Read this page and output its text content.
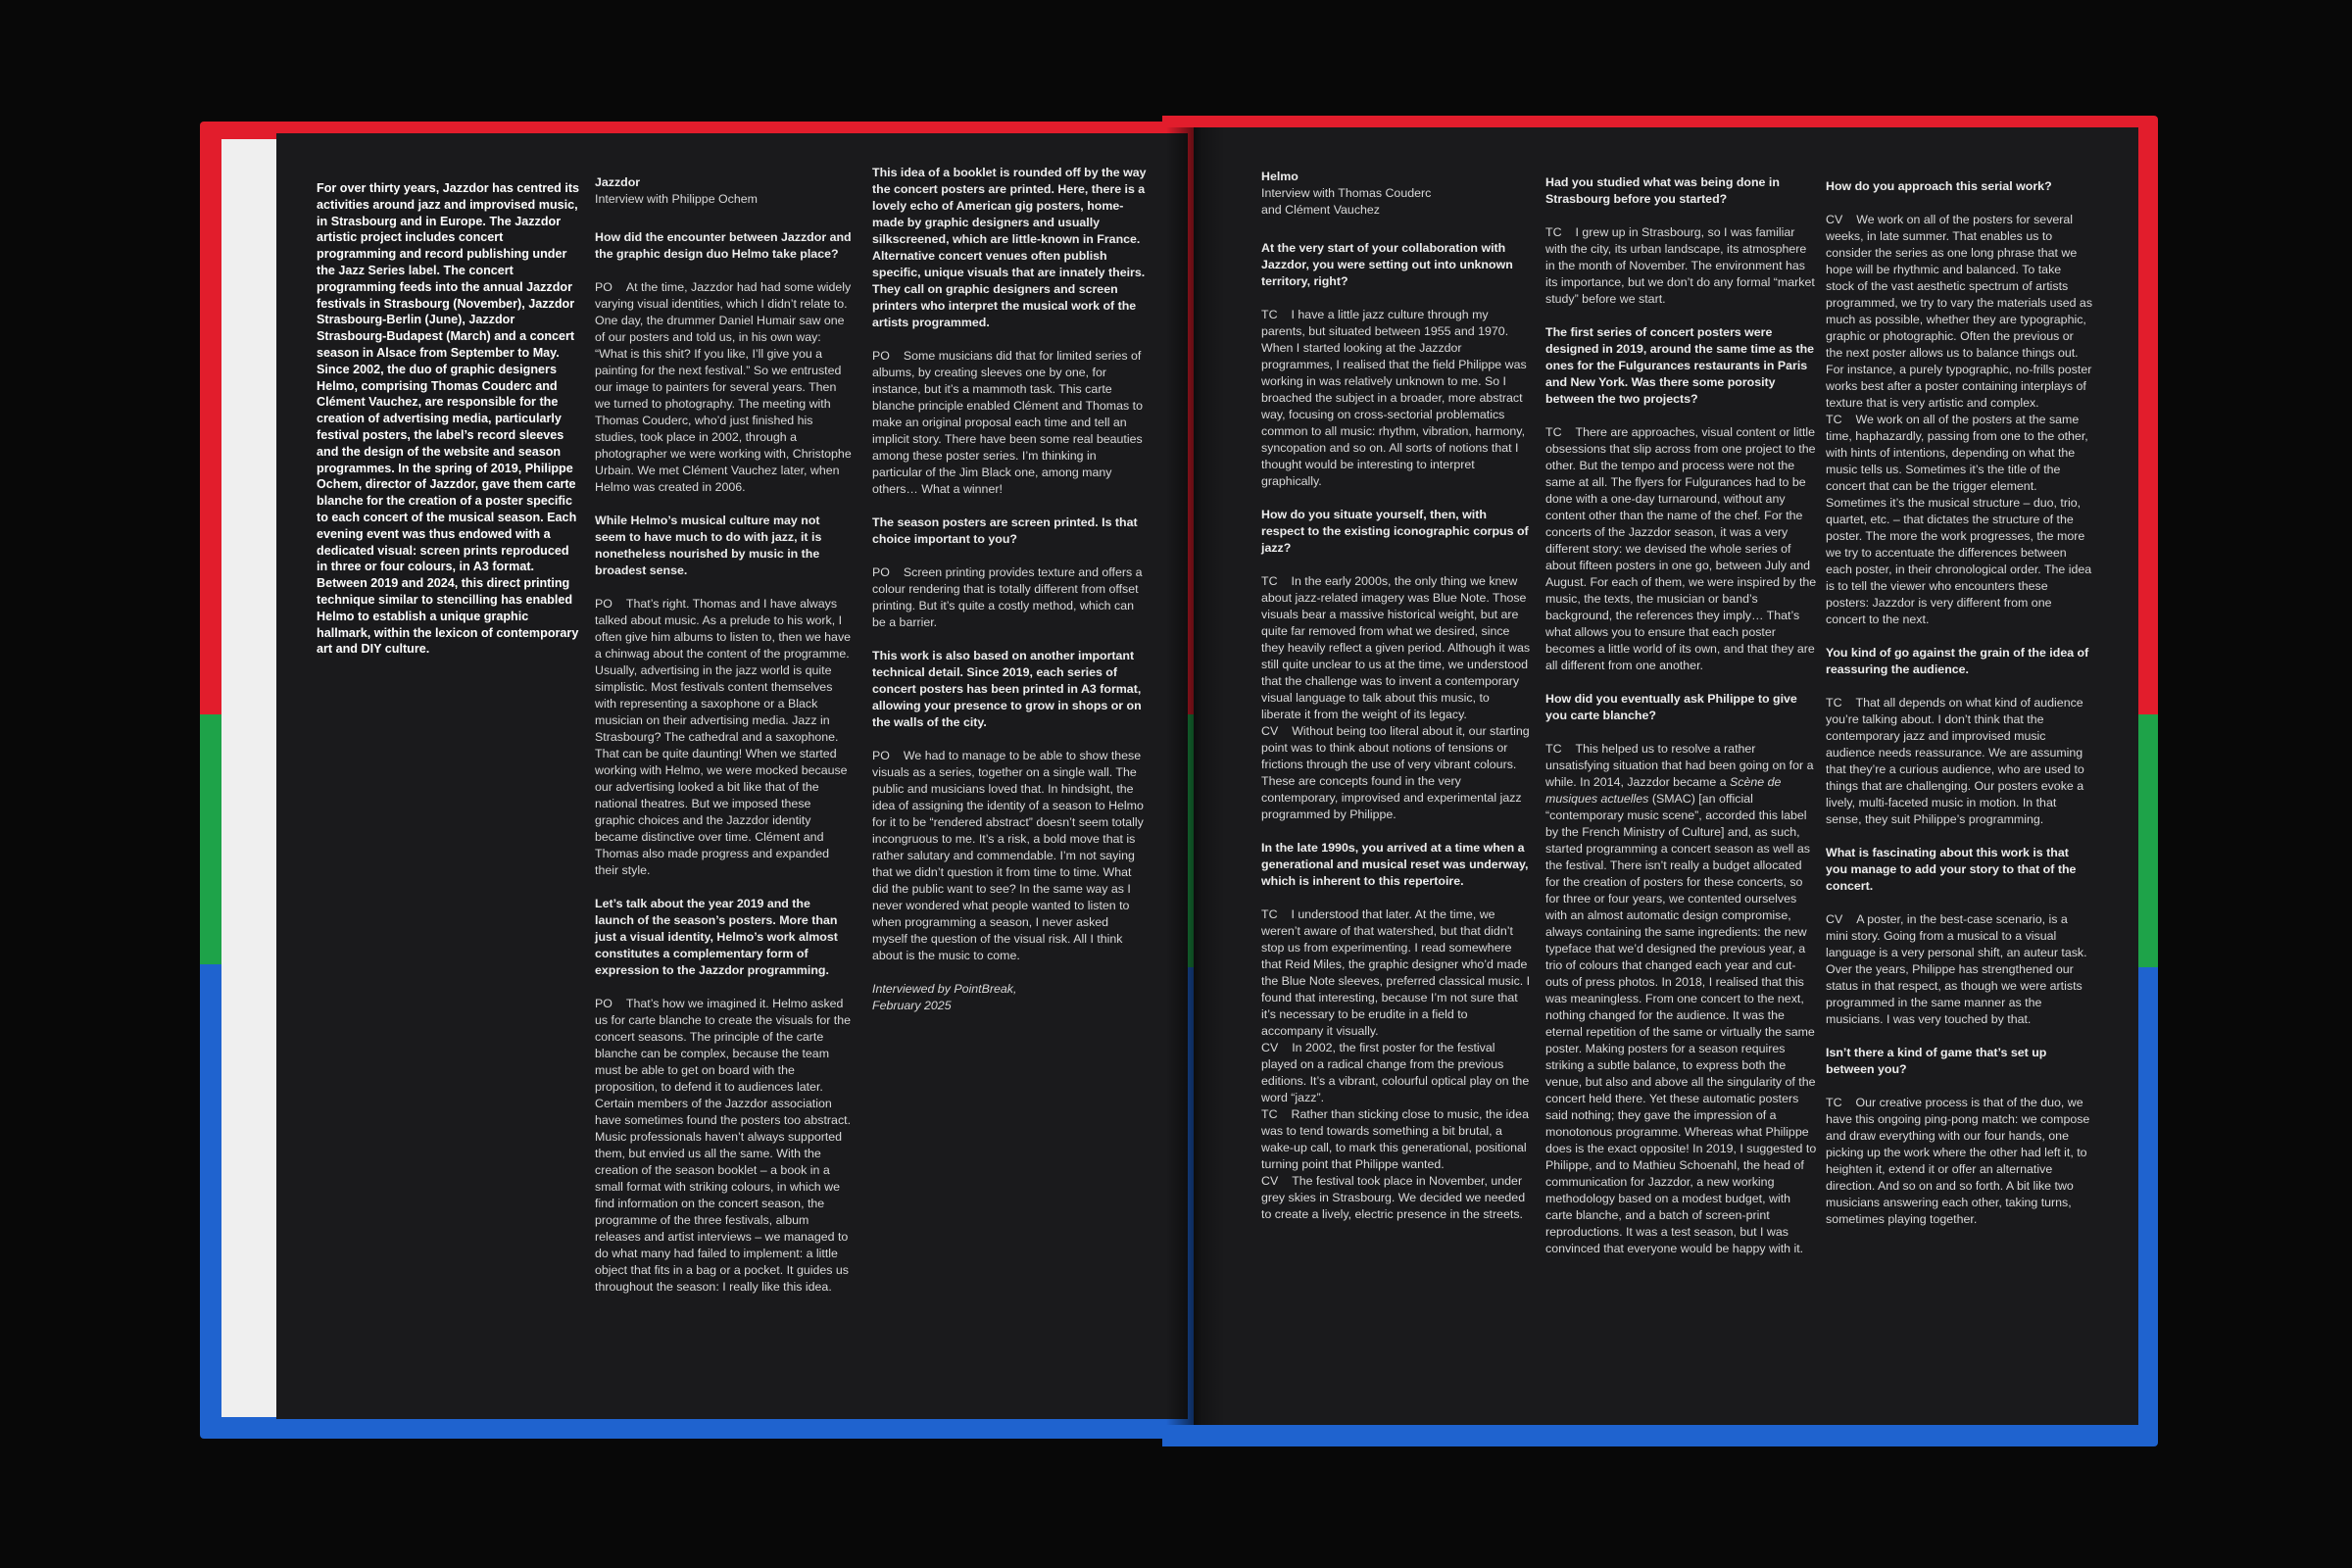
For over thirty years, Jazzdor has centred its activities around jazz and improvised music, in Strasbourg and in Europe. The Jazzdor artistic project includes concert programming and record publishing under the Jazz Series label. The concert programming feeds into the annual Jazzdor festivals in Strasbourg (November), Jazzdor Strasbourg-Berlin (June), Jazzdor Strasbourg-Budapest (March) and a concert season in Alsace from September to May. Since 2002, the duo of graphic designers Helmo, comprising Thomas Couderc and Clément Vauchez, are responsible for the creation of advertising media, particularly festival posters, the label’s record sleeves and the design of the website and season programmes. In the spring of 2019, Philippe Ochem, director of Jazzdor, gave them carte blanche for the creation of a poster specific to each concert of the musical season. Each evening event was thus endowed with a dedicated visual: screen prints reproduced in three or four colours, in A3 format. Between 2019 and 2024, this direct printing technique similar to stencilling has enabled Helmo to establish a unique graphic hallmark, within the lexicon of contemporary art and DIY culture.

Jazzdor
Interview with Philippe Ochem

How did the encounter between Jazzdor and the graphic design duo Helmo take place?

PO At the time, Jazzdor had had some widely varying visual identities, which I didn’t relate to. One day, the drummer Daniel Humair saw one of our posters and told us, in his own way: “What is this shit? If you like, I’ll give you a painting for the next festival.” So we entrusted our image to painters for several years. Then we turned to photography. The meeting with Thomas Couderc, who’d just finished his studies, took place in 2002, through a photographer we were working with, Christophe Urbain. We met Clément Vauchez later, when Helmo was created in 2006.

While Helmo’s musical culture may not seem to have much to do with jazz, it is nonetheless nourished by music in the broadest sense.

PO That’s right. Thomas and I have always talked about music. As a prelude to his work, I often give him albums to listen to, then we have a chinwag about the content of the programme. Usually, advertising in the jazz world is quite simplistic. Most festivals content themselves with representing a saxophone or a Black musician on their advertising media. Jazz in Strasbourg? The cathedral and a saxophone. That can be quite daunting! When we started working with Helmo, we were mocked because our advertising looked a bit like that of the national theatres. But we imposed these graphic choices and the Jazzdor identity became distinctive over time. Clément and Thomas also made progress and expanded their style.

Let’s talk about the year 2019 and the launch of the season’s posters. More than just a visual identity, Helmo’s work almost constitutes a complementary form of expression to the Jazzdor programming.

PO That’s how we imagined it. Helmo asked us for carte blanche to create the visuals for the concert seasons. The principle of the carte blanche can be complex, because the team must be able to get on board with the proposition, to defend it to audiences later. Certain members of the Jazzdor association have sometimes found the posters too abstract. Music professionals haven’t always supported them, but envied us all the same. With the creation of the season booklet – a book in a small format with striking colours, in which we find information on the concert season, the programme of the three festivals, album releases and artist interviews – we managed to do what many had failed to implement: a little object that fits in a bag or a pocket. It guides us throughout the season: I really like this idea.

This idea of a booklet is rounded off by the way the concert posters are printed. Here, there is a lovely echo of American gig posters, home-made by graphic designers and usually silkscreened, which are little-known in France. Alternative concert venues often publish specific, unique visuals that are innately theirs. They call on graphic designers and screen printers who interpret the musical work of the artists programmed.

PO Some musicians did that for limited series of albums, by creating sleeves one by one, for instance, but it’s a mammoth task. This carte blanche principle enabled Clément and Thomas to make an original proposal each time and tell an implicit story. There have been some real beauties among these poster series. I’m thinking in particular of the Jim Black one, among many others… What a winner!

The season posters are screen printed. Is that choice important to you?

PO Screen printing provides texture and offers a colour rendering that is totally different from offset printing. But it’s quite a costly method, which can be a barrier.

This work is also based on another important technical detail. Since 2019, each series of concert posters has been printed in A3 format, allowing your presence to grow in shops or on the walls of the city.

PO We had to manage to be able to show these visuals as a series, together on a single wall. The public and musicians loved that. In hindsight, the idea of assigning the identity of a season to Helmo for it to be “rendered abstract” doesn’t seem totally incongruous to me. It’s a risk, a bold move that is rather salutary and commendable. I’m not saying that we didn’t question it from time to time. What did the public want to see? In the same way as I never wondered what people wanted to listen to when programming a season, I never asked myself the question of the visual risk. All I think about is the music to come.

Interviewed by PointBreak,
February 2025

Helmo
Interview with Thomas Couderc
and Clément Vauchez

At the very start of your collaboration with Jazzdor, you were setting out into unknown territory, right?

TC I have a little jazz culture through my parents, but situated between 1955 and 1970. When I started looking at the Jazzdor programmes, I realised that the field Philippe was working in was relatively unknown to me. So I broached the subject in a broader, more abstract way, focusing on cross-sectorial problematics common to all music: rhythm, vibration, harmony, syncopation and so on. All sorts of notions that I thought would be interesting to interpret graphically.

How do you situate yourself, then, with respect to the existing iconographic corpus of jazz?

TC In the early 2000s, the only thing we knew about jazz-related imagery was Blue Note. Those visuals bear a massive historical weight, but are quite far removed from what we desired, since they heavily reflect a given period. Although it was still quite unclear to us at the time, we understood that the challenge was to invent a contemporary visual language to talk about this music, to liberate it from the weight of its legacy.

CV Without being too literal about it, our starting point was to think about notions of tensions or frictions through the use of very vibrant colours. These are concepts found in the very contemporary, improvised and experimental jazz programmed by Philippe.

In the late 1990s, you arrived at a time when a generational and musical reset was underway, which is inherent to this repertoire.

TC I understood that later. At the time, we weren’t aware of that watershed, but that didn’t stop us from experimenting. I read somewhere that Reid Miles, the graphic designer who’d made the Blue Note sleeves, preferred classical music. I found that interesting, because I’m not sure that it’s necessary to be erudite in a field to accompany it visually.

CV In 2002, the first poster for the festival played on a radical change from the previous editions. It’s a vibrant, colourful optical play on the word “jazz”.

TC Rather than sticking close to music, the idea was to tend towards something a bit brutal, a wake-up call, to mark this generational, positional turning point that Philippe wanted.

CV The festival took place in November, under grey skies in Strasbourg. We decided we needed to create a lively, electric presence in the streets.

Had you studied what was being done in Strasbourg before you started?

TC I grew up in Strasbourg, so I was familiar with the city, its urban landscape, its atmosphere in the month of November. The environment has its importance, but we don’t do any formal “market study” before we start.

The first series of concert posters were designed in 2019, around the same time as the ones for the Fulgurances restaurants in Paris and New York. Was there some porosity between the two projects?

TC There are approaches, visual content or little obsessions that slip across from one project to the other. But the tempo and process were not the same at all. The flyers for Fulgurances had to be done with a one-day turnaround, without any content other than the name of the chef. For the concerts of the Jazzdor season, it was a very different story: we devised the whole series of about fifteen posters in one go, between July and August. For each of them, we were inspired by the music, the texts, the musician or band’s background, the references they imply… That’s what allows you to ensure that each poster becomes a little world of its own, and that they are all different from one another.

How did you eventually ask Philippe to give you carte blanche?

TC This helped us to resolve a rather unsatisfying situation that had been going on for a while. In 2014, Jazzdor became a Scène de musiques actuelles (SMAC) [an official “contemporary music scene”, accorded this label by the French Ministry of Culture] and, as such, started programming a concert season as well as the festival. There isn’t really a budget allocated for the creation of posters for these concerts, so for three or four years, we contented ourselves with an almost automatic design compromise, always containing the same ingredients: the new typeface that we’d designed the previous year, a trio of colours that changed each year and cut-outs of press photos. In 2018, I realised that this was meaningless. From one concert to the next, nothing changed for the audience. It was the eternal repetition of the same or virtually the same poster. Making posters for a season requires striking a subtle balance, to express both the venue, but also and above all the singularity of the concert held there. Yet these automatic posters said nothing; they gave the impression of a monotonous programme. Whereas what Philippe does is the exact opposite! In 2019, I suggested to Philippe, and to Mathieu Schoenahl, the head of communication for Jazzdor, a new working methodology based on a modest budget, with carte blanche, and a batch of screen-print reproductions. It was a test season, but I was convinced that everyone would be happy with it.

How do you approach this serial work?

CV We work on all of the posters for several weeks, in late summer. That enables us to consider the series as one long phrase that we hope will be rhythmic and balanced. To take stock of the vast aesthetic spectrum of artists programmed, we try to vary the materials used as much as possible, whether they are typographic, graphic or photographic. Often the previous or the next poster allows us to balance things out. For instance, a purely typographic, no-frills poster works best after a poster containing interplays of texture that is very artistic and complex.

TC We work on all of the posters at the same time, haphazardly, passing from one to the other, with hints of intentions, depending on what the music tells us. Sometimes it’s the title of the concert that can be the trigger element. Sometimes it’s the musical structure – duo, trio, quartet, etc. – that dictates the structure of the poster. The more the work progresses, the more we try to accentuate the differences between each poster, in their chronological order. The idea is to tell the viewer who encounters these posters: Jazzdor is very different from one concert to the next.

You kind of go against the grain of the idea of reassuring the audience.

TC That all depends on what kind of audience you’re talking about. I don’t think that the contemporary jazz and improvised music audience needs reassurance. We are assuming that they’re a curious audience, who are used to things that are challenging. Our posters evoke a lively, multi-faceted music in motion. In that sense, they suit Philippe’s programming.

What is fascinating about this work is that you manage to add your story to that of the concert.

CV A poster, in the best-case scenario, is a mini story. Going from a musical to a visual language is a very personal shift, an auteur task. Over the years, Philippe has strengthened our status in that respect, as though we were artists programmed in the same manner as the musicians. I was very touched by that.

Isn’t there a kind of game that’s set up between you?

TC Our creative process is that of the duo, we have this ongoing ping-pong match: we compose and draw everything with our four hands, one picking up the work where the other had left it, to heighten it, extend it or offer an alternative direction. And so on and so forth. A bit like two musicians answering each other, taking turns, sometimes playing together.
